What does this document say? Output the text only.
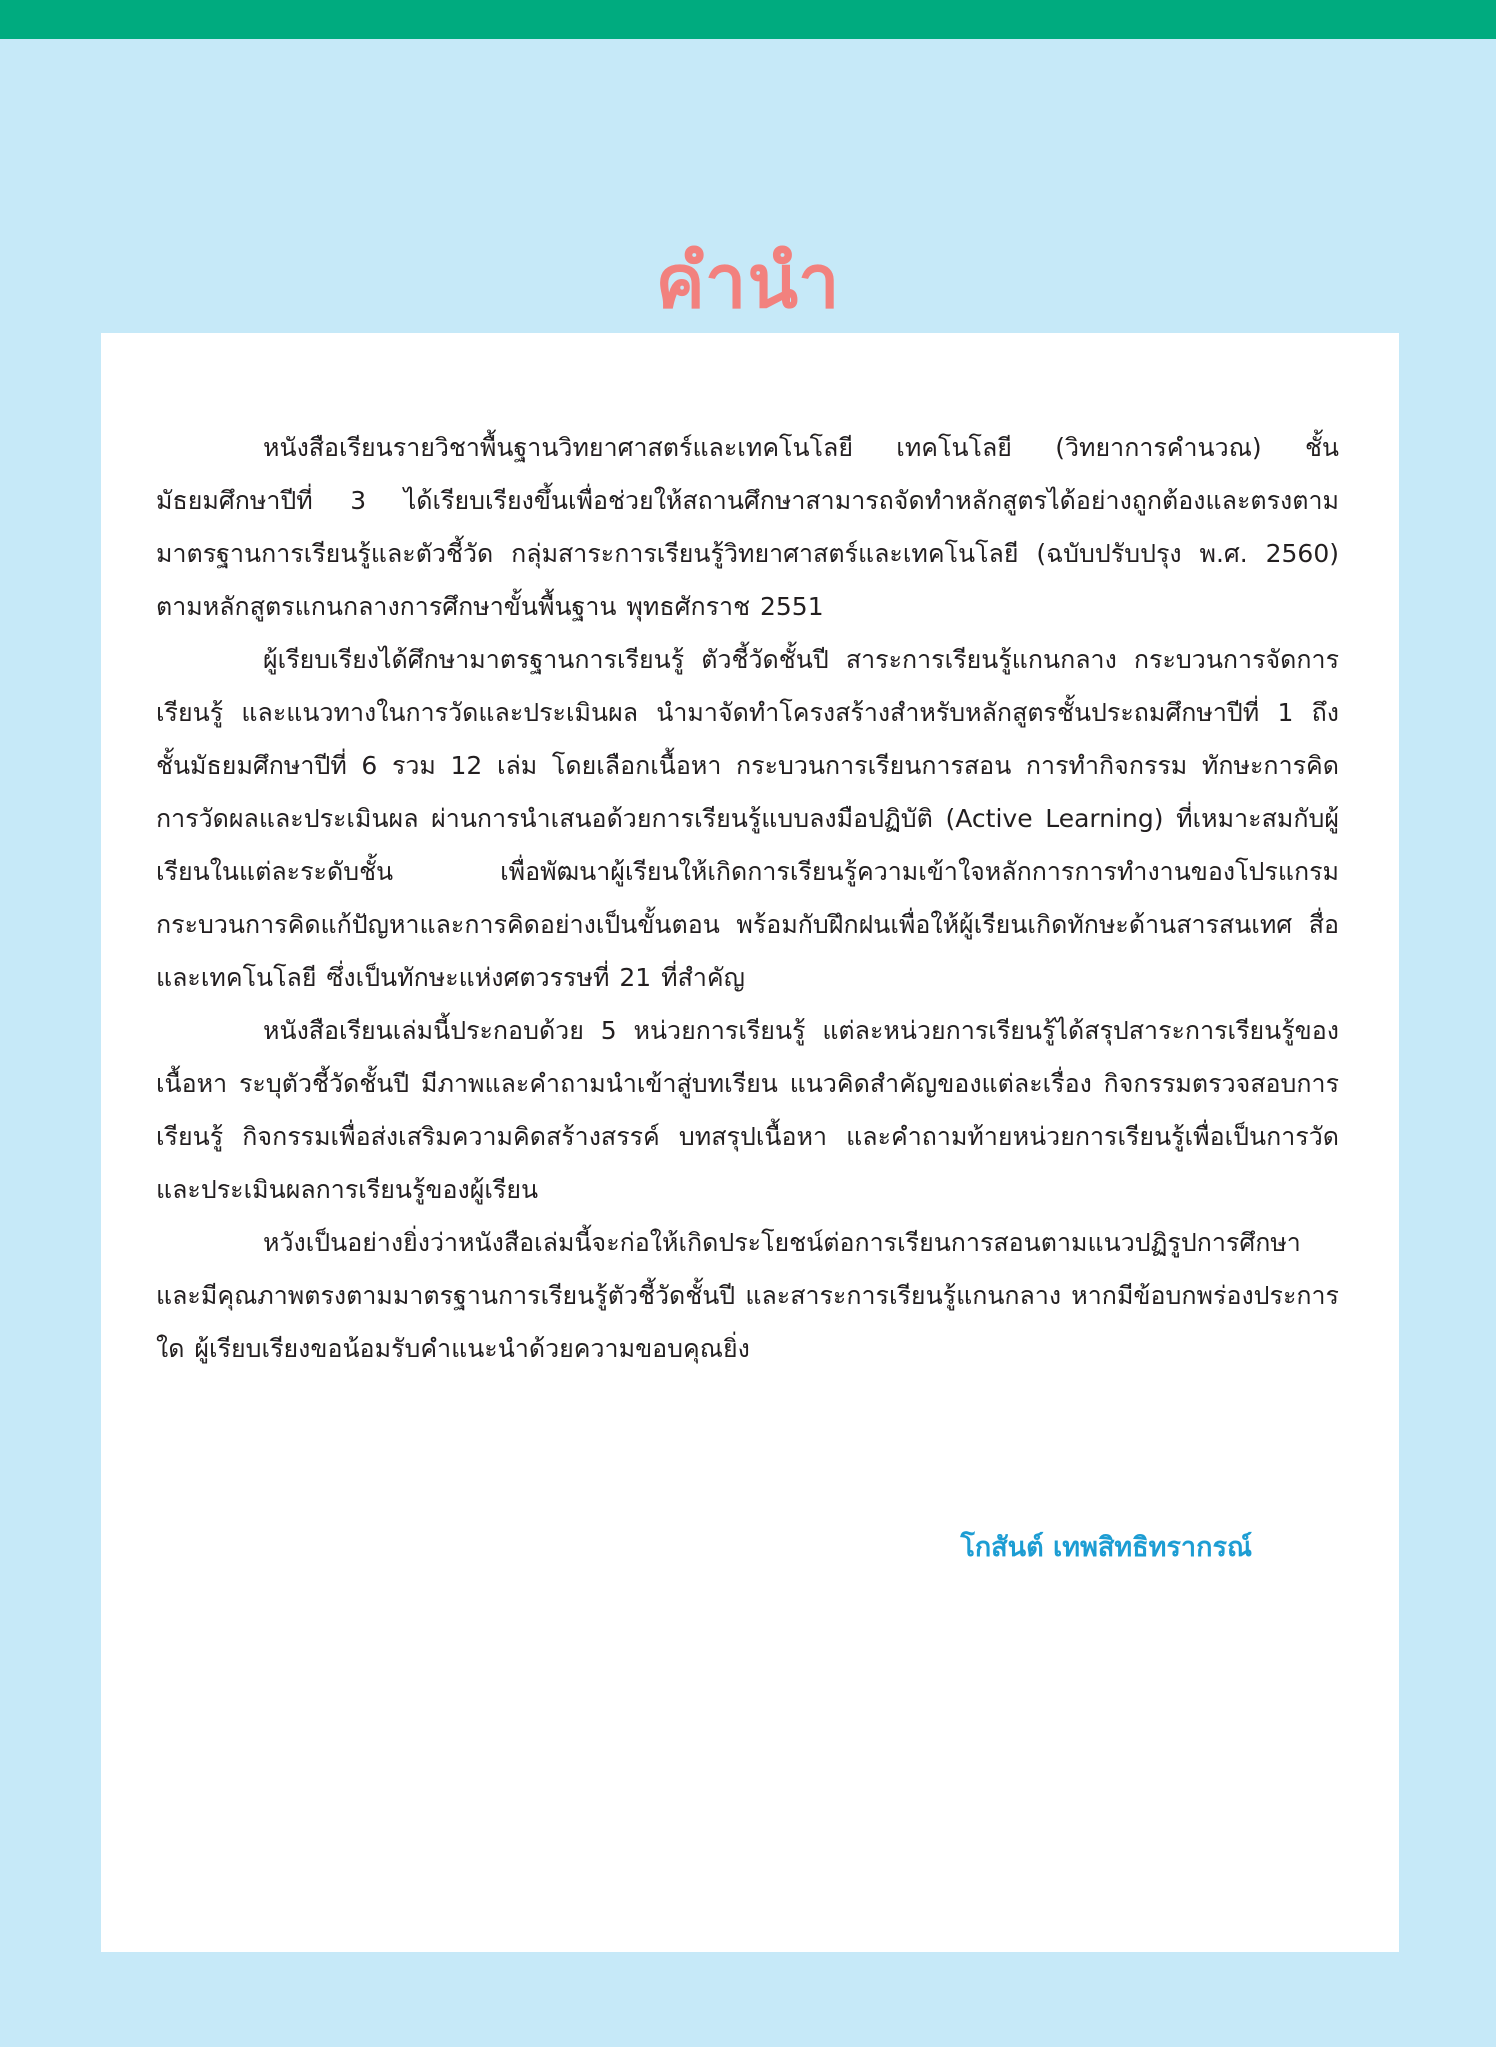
คำนำ

หนังสือเรียนรายวิชาพื้นฐานวิทยาศาสตร์และเทคโนโลยี เทคโนโลยี (วิทยาการคำนวณ) ชั้นมัธยมศึกษาปีที่ 3 ได้เรียบเรียงขึ้นเพื่อช่วยให้สถานศึกษาสามารถจัดทำหลักสูตรได้อย่างถูกต้องและตรงตามมาตรฐานการเรียนรู้และตัวชี้วัด กลุ่มสาระการเรียนรู้วิทยาศาสตร์และเทคโนโลยี (ฉบับปรับปรุง พ.ศ. 2560) ตามหลักสูตรแกนกลางการศึกษาขั้นพื้นฐาน พุทธศักราช 2551

ผู้เรียบเรียงได้ศึกษามาตรฐานการเรียนรู้ ตัวชี้วัดชั้นปี สาระการเรียนรู้แกนกลาง กระบวนการจัดการเรียนรู้ และแนวทางในการวัดและประเมินผล นำมาจัดทำโครงสร้างสำหรับหลักสูตรชั้นประถมศึกษาปีที่ 1 ถึงชั้นมัธยมศึกษาปีที่ 6 รวม 12 เล่ม โดยเลือกเนื้อหา กระบวนการเรียนการสอน การทำกิจกรรม ทักษะการคิด การวัดผลและประเมินผล ผ่านการนำเสนอด้วยการเรียนรู้แบบลงมือปฏิบัติ (Active Learning) ที่เหมาะสมกับผู้เรียนในแต่ละระดับชั้น เพื่อพัฒนาผู้เรียนให้เกิดการเรียนรู้ความเข้าใจหลักการการทำงานของโปรแกรม กระบวนการคิดแก้ปัญหาและการคิดอย่างเป็นขั้นตอน พร้อมกับฝึกฝนเพื่อให้ผู้เรียนเกิดทักษะด้านสารสนเทศ สื่อ และเทคโนโลยี ซึ่งเป็นทักษะแห่งศตวรรษที่ 21 ที่สำคัญ

หนังสือเรียนเล่มนี้ประกอบด้วย 5 หน่วยการเรียนรู้ แต่ละหน่วยการเรียนรู้ได้สรุปสาระการเรียนรู้ของเนื้อหา ระบุตัวชี้วัดชั้นปี มีภาพและคำถามนำเข้าสู่บทเรียน แนวคิดสำคัญของแต่ละเรื่อง กิจกรรมตรวจสอบการเรียนรู้ กิจกรรมเพื่อส่งเสริมความคิดสร้างสรรค์ บทสรุปเนื้อหา และคำถามท้ายหน่วยการเรียนรู้เพื่อเป็นการวัดและประเมินผลการเรียนรู้ของผู้เรียน

หวังเป็นอย่างยิ่งว่าหนังสือเล่มนี้จะก่อให้เกิดประโยชน์ต่อการเรียนการสอนตามแนวปฏิรูปการศึกษา และมีคุณภาพตรงตามมาตรฐานการเรียนรู้ตัวชี้วัดชั้นปี และสาระการเรียนรู้แกนกลาง หากมีข้อบกพร่องประการใด ผู้เรียบเรียงขอน้อมรับคำแนะนำด้วยความขอบคุณยิ่ง

โกสันต์ เทพสิทธิทรากรณ์
